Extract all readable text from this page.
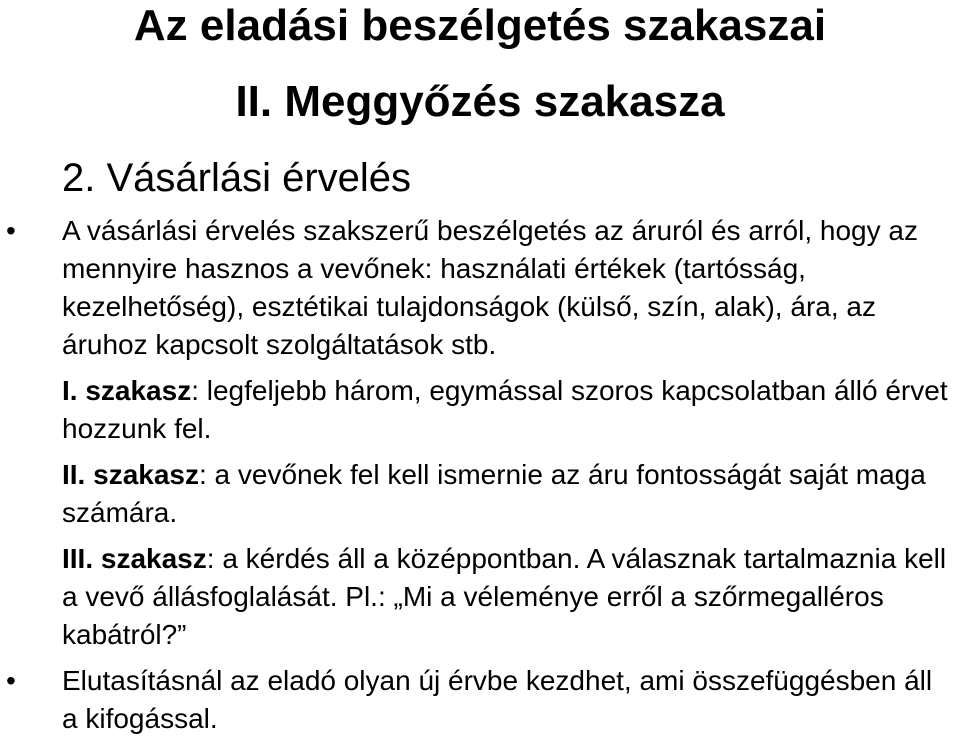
Az eladási beszélgetés szakaszai
II. Meggyőzés szakasza
2. Vásárlási érvelés
• A vásárlási érvelés szakszerű beszélgetés az áruról és arról, hogy az mennyire hasznos a vevőnek: használati értékek (tartósság, kezelhetőség), esztétikai tulajdonságok (külső, szín, alak), ára, az áruhoz kapcsolt szolgáltatások stb.
I. szakasz: legfeljebb három, egymással szoros kapcsolatban álló érvet hozzunk fel.
II. szakasz: a vevőnek fel kell ismernie az áru fontosságát saját maga számára.
III. szakasz: a kérdés áll a középpontban. A válasznak tartalmaznia kell a vevő állásfoglalását. Pl.: „Mi a véleménye erről a szőrmegalléros kabátról?”
• Elutasításnál az eladó olyan új érvbe kezdhet, ami összefüggésben áll a kifogással.
